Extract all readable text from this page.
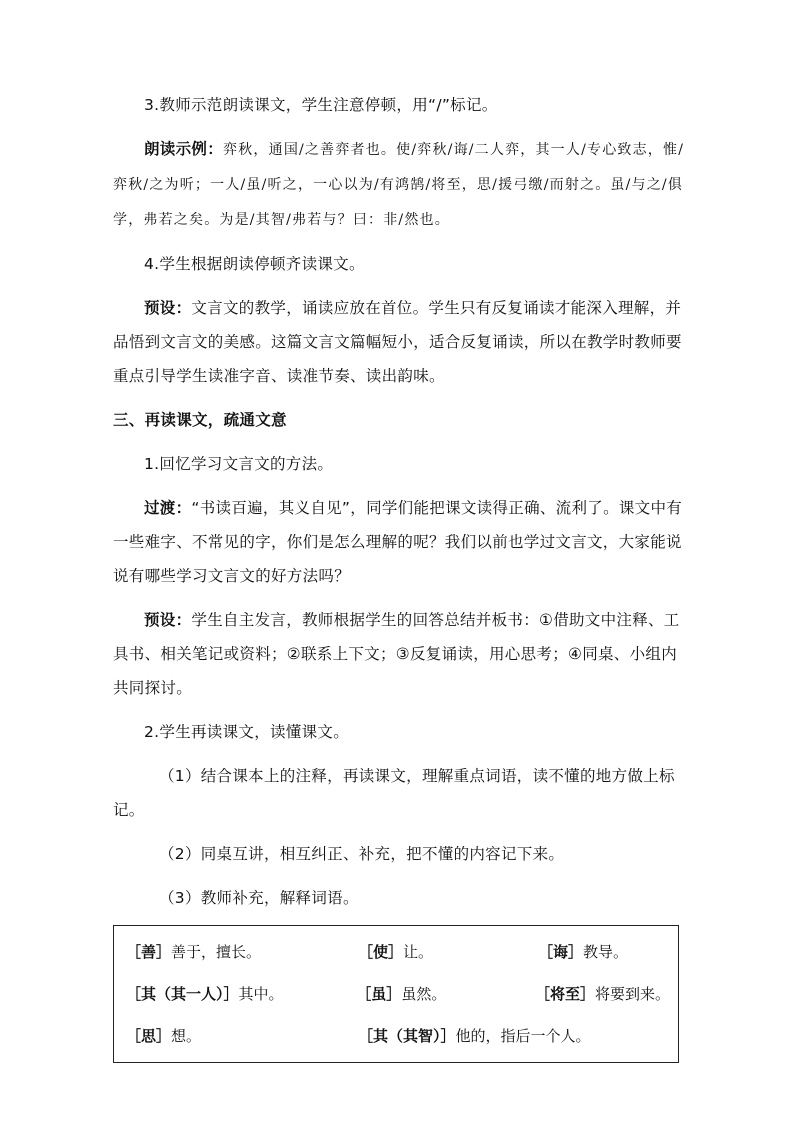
3.教师示范朗读课文，学生注意停顿，用“/”标记。

朗读示例：弈秋，通国/之善弈者也。使/弈秋/诲/二人弈，其一人/专心致志，惟/弈秋/之为听；一人/虽/听之，一心以为/有鸿鹄/将至，思/援弓缴/而射之。虽/与之/俱学，弗若之矣。为是/其智/弗若与？曰：非/然也。

4.学生根据朗读停顿齐读课文。

预设：文言文的教学，诵读应放在首位。学生只有反复诵读才能深入理解，并品悟到文言文的美感。这篇文言文篇幅短小，适合反复诵读，所以在教学时教师要重点引导学生读准字音、读准节奏、读出韵味。

三、再读课文，疏通文意

1.回忆学习文言文的方法。

过渡：“书读百遍，其义自见”，同学们能把课文读得正确、流利了。课文中有一些难字、不常见的字，你们是怎么理解的呢？我们以前也学过文言文，大家能说说有哪些学习文言文的好方法吗？

预设：学生自主发言，教师根据学生的回答总结并板书：①借助文中注释、工具书、相关笔记或资料；②联系上下文；③反复诵读，用心思考；④同桌、小组内共同探讨。

2.学生再读课文，读懂课文。

（1）结合课本上的注释，再读课文，理解重点词语，读不懂的地方做上标记。

（2）同桌互讲，相互纠正、补充，把不懂的内容记下来。

（3）教师补充，解释词语。

［善］善于，擅长。	［使］让。	［诲］教导。
［其（其一人）］其中。	［虽］虽然。	［将至］将要到来。
［思］想。	［其（其智）］他的，指后一个人。
